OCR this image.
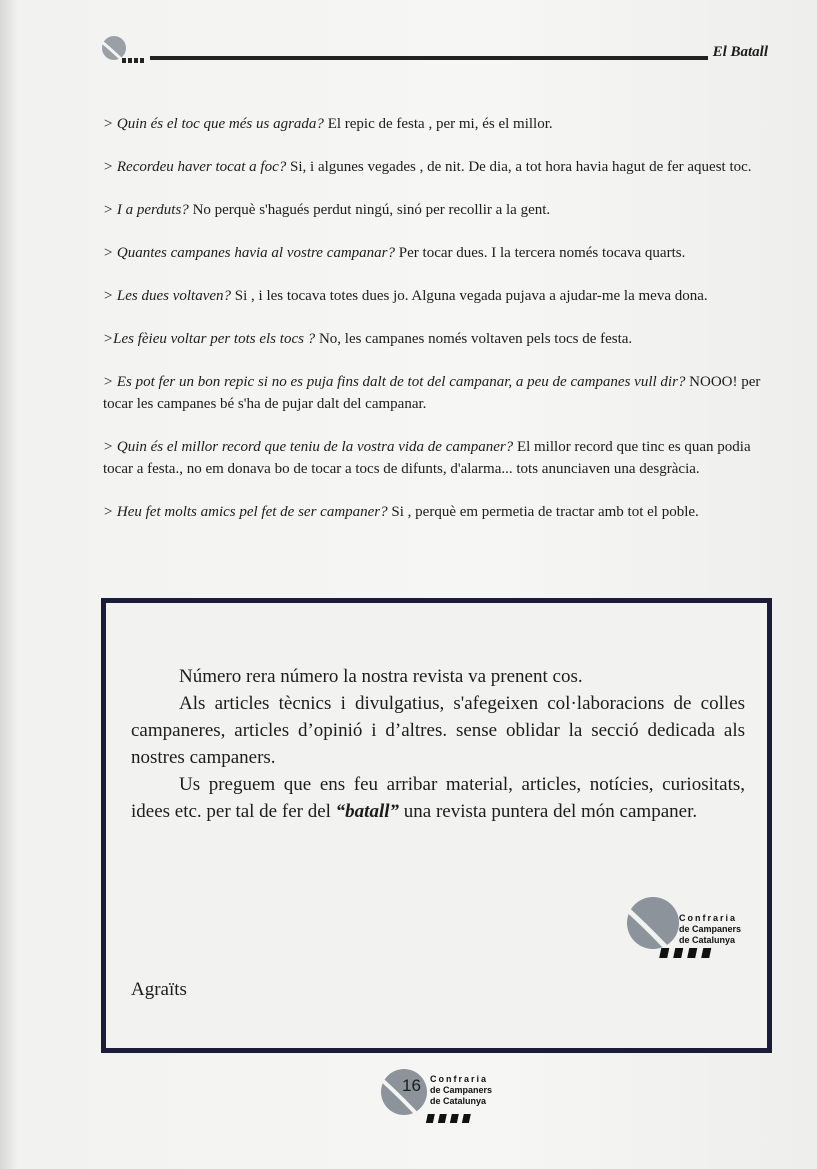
El Batall

> Quin és el toc que més us agrada? El repic de festa , per mi, és el millor.

> Recordeu haver tocat a foc? Si, i algunes vegades , de nit. De dia, a tot hora havia hagut de fer aquest toc.

> I a perduts? No perquè s'hagués perdut ningú, sinó per recollir a la gent.

> Quantes campanes havia al vostre campanar? Per tocar dues. I la tercera només tocava quarts.

> Les dues voltaven? Si , i les tocava totes dues jo. Alguna vegada pujava a ajudar-me la meva dona.

>Les fèieu voltar per tots els tocs ? No, les campanes només voltaven pels tocs de festa.

> Es pot fer un bon repic si no es puja fins dalt de tot del campanar, a peu de campanes vull dir? NOOO! per tocar les campanes bé s'ha de pujar dalt del campanar.

> Quin és el millor record que teniu de la vostra vida de campaner? El millor record que tinc es quan podia tocar a festa., no em donava bo de tocar a tocs de difunts, d'alarma... tots anunciaven una desgràcia.

> Heu fet molts amics pel fet de ser campaner? Si , perquè em permetia de tractar amb tot el poble.

Número rera número la nostra revista va prenent cos.

Als articles tècnics i divulgatius, s'afegeixen col·laboracions de colles campaneres, articles d’opinió i d’altres. sense oblidar la secció dedicada als nostres campaners.

Us preguem que ens feu arribar material, articles, notícies, curiositats, idees etc. per tal de fer del “batall” una revista puntera del món campaner.

Confraria
de Campaners
de Catalunya
Agraïts
16 Confraria
de Campaners
de Catalunya
